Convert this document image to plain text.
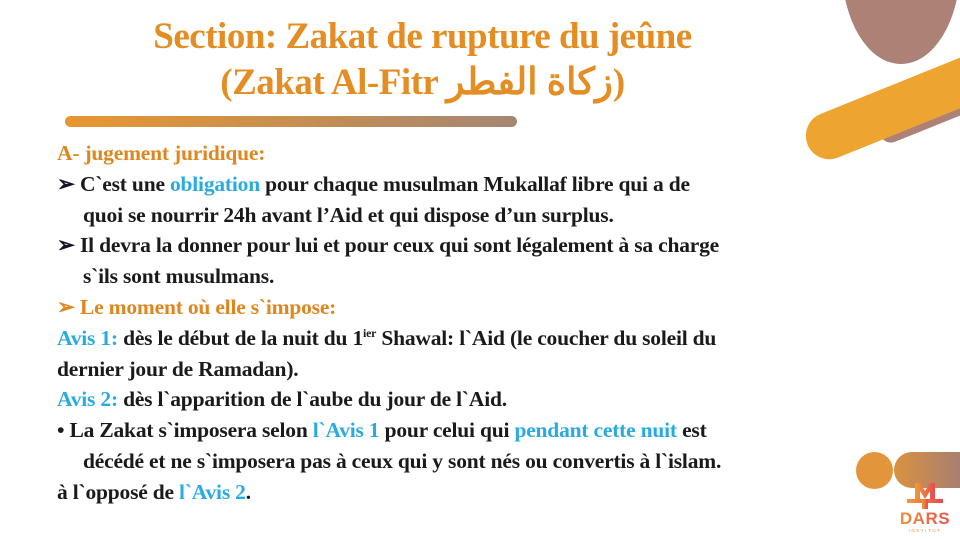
Section: Zakat de rupture du jeûne
(Zakat Al-Fitr زكاة الفطر)
A- jugement juridique:
➢ C`est une obligation pour chaque musulman Mukallaf libre qui a de
quoi se nourrir 24h avant l’Aid et qui dispose d’un surplus.
➢ Il devra la donner pour lui et pour ceux qui sont légalement à sa charge
s`ils sont musulmans.
➢ Le moment où elle s`impose:
Avis 1: dès le début de la nuit du $1^{ier}$ Shawal: l`Aid (le coucher du soleil du
dernier jour de Ramadan).
Avis 2: dès l`apparition de l`aube du jour de l`Aid.
• La Zakat s`imposera selon l`Avis 1 pour celui qui pendant cette nuit est
décédé et ne s`imposera pas à ceux qui y sont nés ou convertis à l`islam.
à l`opposé de l`Avis 2.
DARS
INSTITUT
